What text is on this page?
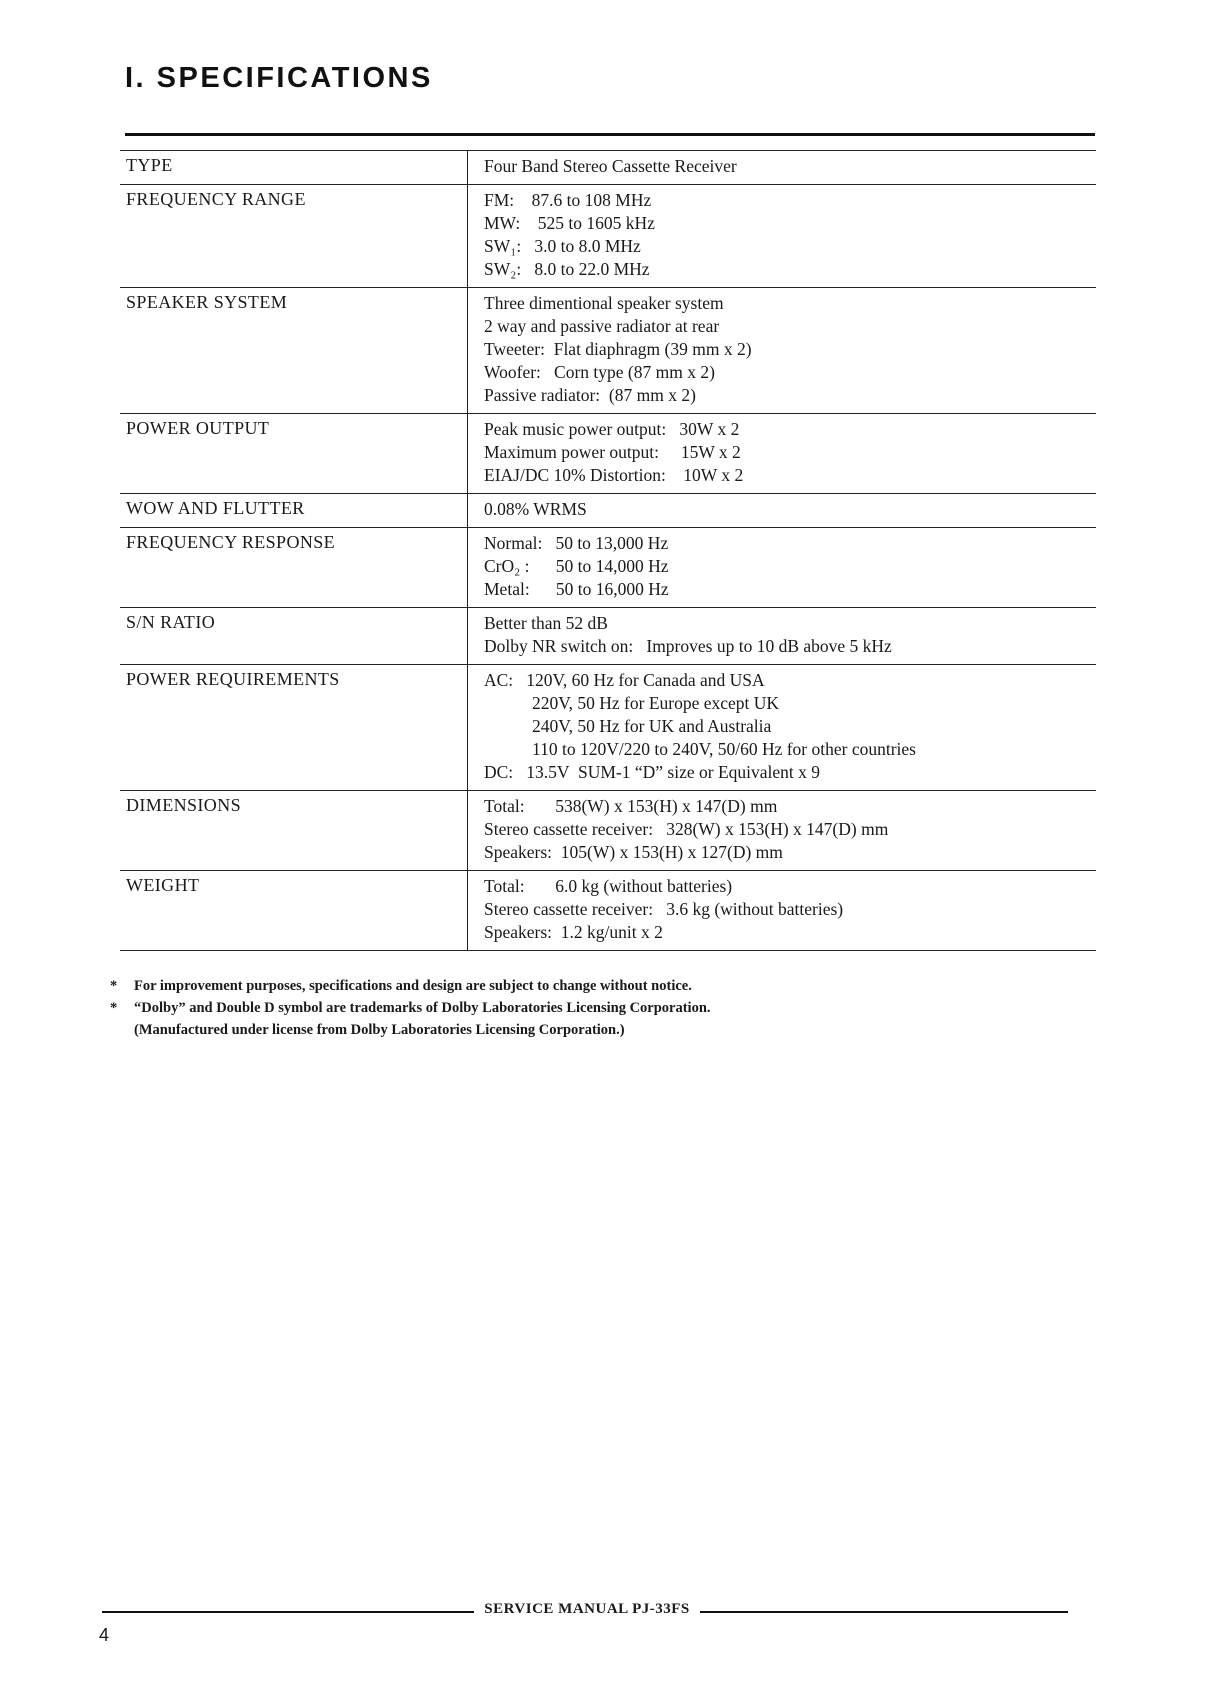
I. SPECIFICATIONS
TYPE	Four Band Stereo Cassette Receiver
FREQUENCY RANGE	FM:    87.6 to 108 MHz
MW:    525 to 1605 kHz
SW₁:   3.0 to 8.0 MHz
SW₂:   8.0 to 22.0 MHz
SPEAKER SYSTEM	Three dimentional speaker system
2 way and passive radiator at rear
Tweeter:  Flat diaphragm (39 mm x 2)
Woofer:   Corn type (87 mm x 2)
Passive radiator:  (87 mm x 2)
POWER OUTPUT	Peak music power output:   30W x 2
Maximum power output:     15W x 2
EIAJ/DC 10% Distortion:    10W x 2
WOW AND FLUTTER	0.08% WRMS
FREQUENCY RESPONSE	Normal:   50 to 13,000 Hz
CrO₂ :      50 to 14,000 Hz
Metal:      50 to 16,000 Hz
S/N RATIO	Better than 52 dB
Dolby NR switch on:   Improves up to 10 dB above 5 kHz
POWER REQUIREMENTS	AC:   120V, 60 Hz for Canada and USA
220V, 50 Hz for Europe except UK
240V, 50 Hz for UK and Australia
110 to 120V/220 to 240V, 50/60 Hz for other countries
DC:   13.5V  SUM-1 “D” size or Equivalent x 9
DIMENSIONS	Total:       538(W) x 153(H) x 147(D) mm
Stereo cassette receiver:   328(W) x 153(H) x 147(D) mm
Speakers:  105(W) x 153(H) x 127(D) mm
WEIGHT	Total:       6.0 kg (without batteries)
Stereo cassette receiver:   3.6 kg (without batteries)
Speakers:  1.2 kg/unit x 2
* For improvement purposes, specifications and design are subject to change without notice.
* “Dolby” and Double D symbol are trademarks of Dolby Laboratories Licensing Corporation.
(Manufactured under license from Dolby Laboratories Licensing Corporation.)
SERVICE MANUAL PJ-33FS
4
